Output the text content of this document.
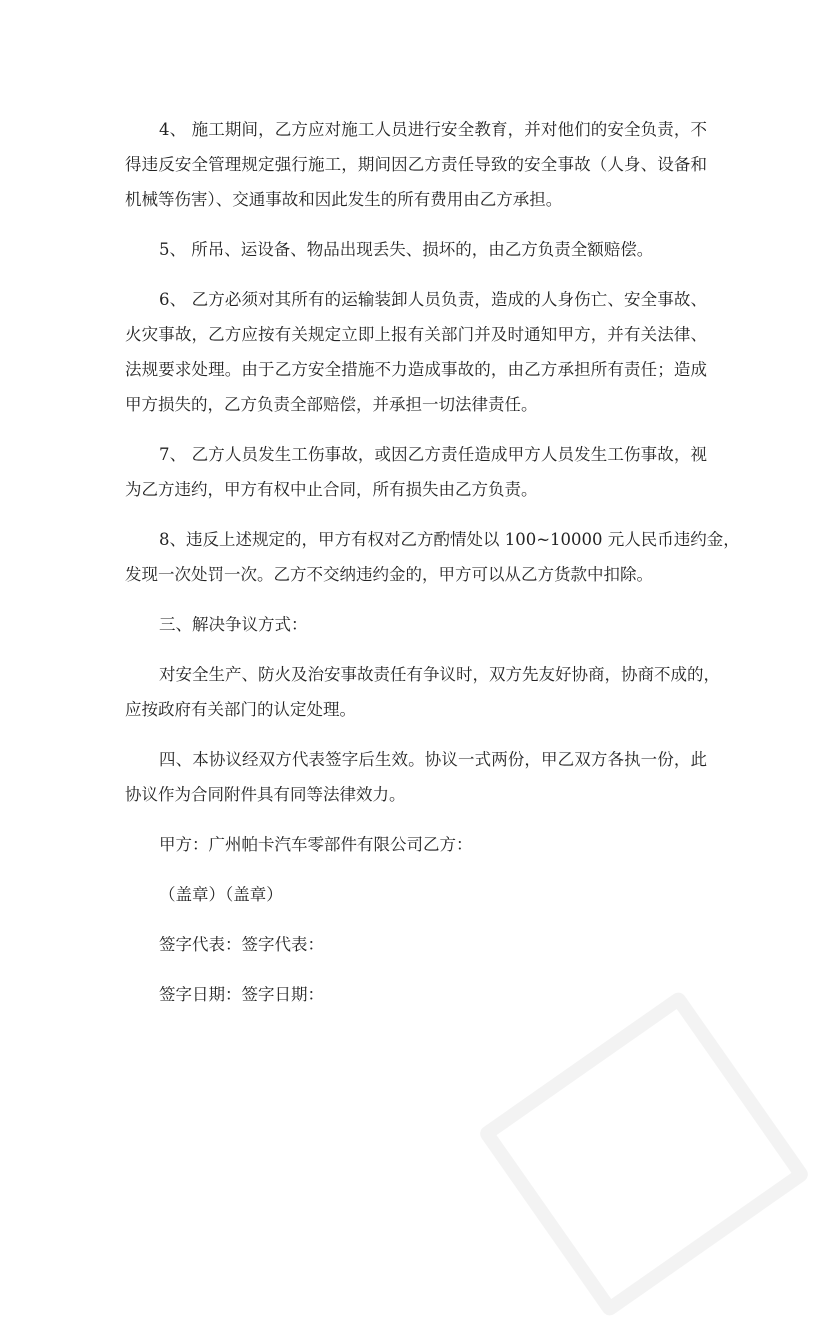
4、 施工期间，乙方应对施工人员进行安全教育，并对他们的安全负责，不
得违反安全管理规定强行施工，期间因乙方责任导致的安全事故（人身、设备和
机械等伤害）、交通事故和因此发生的所有费用由乙方承担。
5、 所吊、运设备、物品出现丢失、损坏的，由乙方负责全额赔偿。
6、 乙方必须对其所有的运输装卸人员负责，造成的人身伤亡、安全事故、
火灾事故，乙方应按有关规定立即上报有关部门并及时通知甲方，并有关法律、
法规要求处理。由于乙方安全措施不力造成事故的，由乙方承担所有责任；造成
甲方损失的，乙方负责全部赔偿，并承担一切法律责任。
7、 乙方人员发生工伤事故，或因乙方责任造成甲方人员发生工伤事故，视
为乙方违约，甲方有权中止合同，所有损失由乙方负责。
8、违反上述规定的，甲方有权对乙方酌情处以 100~10000 元人民币违约金，
发现一次处罚一次。乙方不交纳违约金的，甲方可以从乙方货款中扣除。
三、解决争议方式：
对安全生产、防火及治安事故责任有争议时，双方先友好协商，协商不成的，
应按政府有关部门的认定处理。
四、本协议经双方代表签字后生效。协议一式两份，甲乙双方各执一份，此
协议作为合同附件具有同等法律效力。
甲方：广州帕卡汽车零部件有限公司乙方：
（盖章）（盖章）
签字代表：签字代表：
签字日期：签字日期：
